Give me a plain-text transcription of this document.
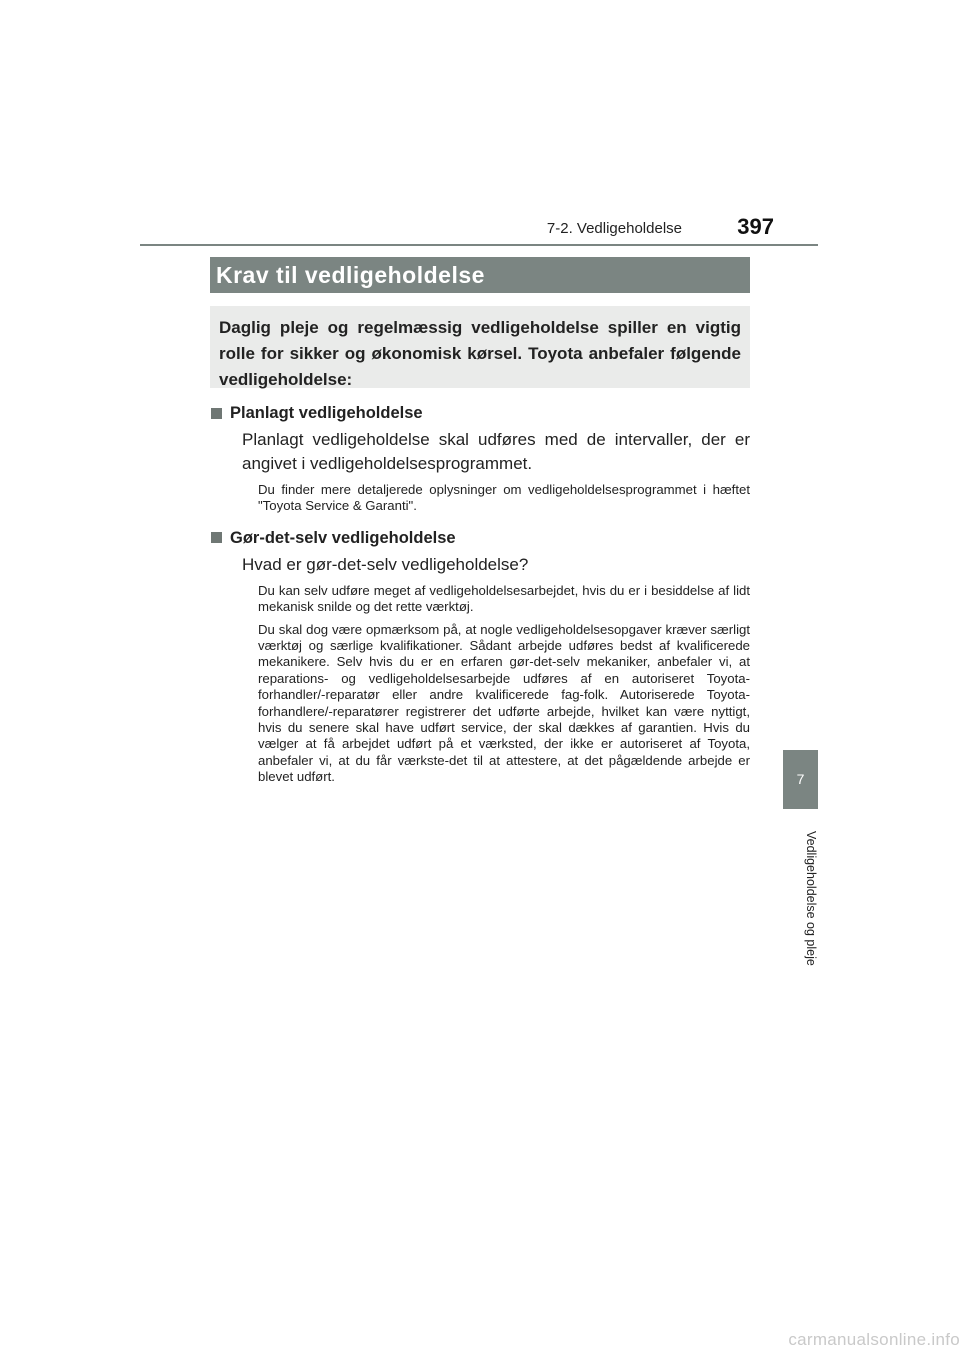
7-2. Vedligeholdelse	397
Krav til vedligeholdelse
Daglig pleje og regelmæssig vedligeholdelse spiller en vigtig rolle for sikker og økonomisk kørsel. Toyota anbefaler følgende vedligeholdelse:
Planlagt vedligeholdelse
Planlagt vedligeholdelse skal udføres med de intervaller, der er angivet i vedligeholdelsesprogrammet.
Du finder mere detaljerede oplysninger om vedligeholdelsesprogrammet i hæftet "Toyota Service & Garanti".
Gør-det-selv vedligeholdelse
Hvad er gør-det-selv vedligeholdelse?
Du kan selv udføre meget af vedligeholdelsesarbejdet, hvis du er i besiddelse af lidt mekanisk snilde og det rette værktøj.
Du skal dog være opmærksom på, at nogle vedligeholdelsesopgaver kræver særligt værktøj og særlige kvalifikationer. Sådant arbejde udføres bedst af kvalificerede mekanikere. Selv hvis du er en erfaren gør-det-selv mekaniker, anbefaler vi, at reparations- og vedligeholdelsesarbejde udføres af en autoriseret Toyota-forhandler/-reparatør eller andre kvalificerede fag-folk. Autoriserede Toyota-forhandlere/-reparatører registrerer det udførte arbejde, hvilket kan være nyttigt, hvis du senere skal have udført service, der skal dækkes af garantien. Hvis du vælger at få arbejdet udført på et værksted, der ikke er autoriseret af Toyota, anbefaler vi, at du får værkste-det til at attestere, at det pågældende arbejde er blevet udført.	7
Vedligeholdelse og pleje
carmanualsonline.info
